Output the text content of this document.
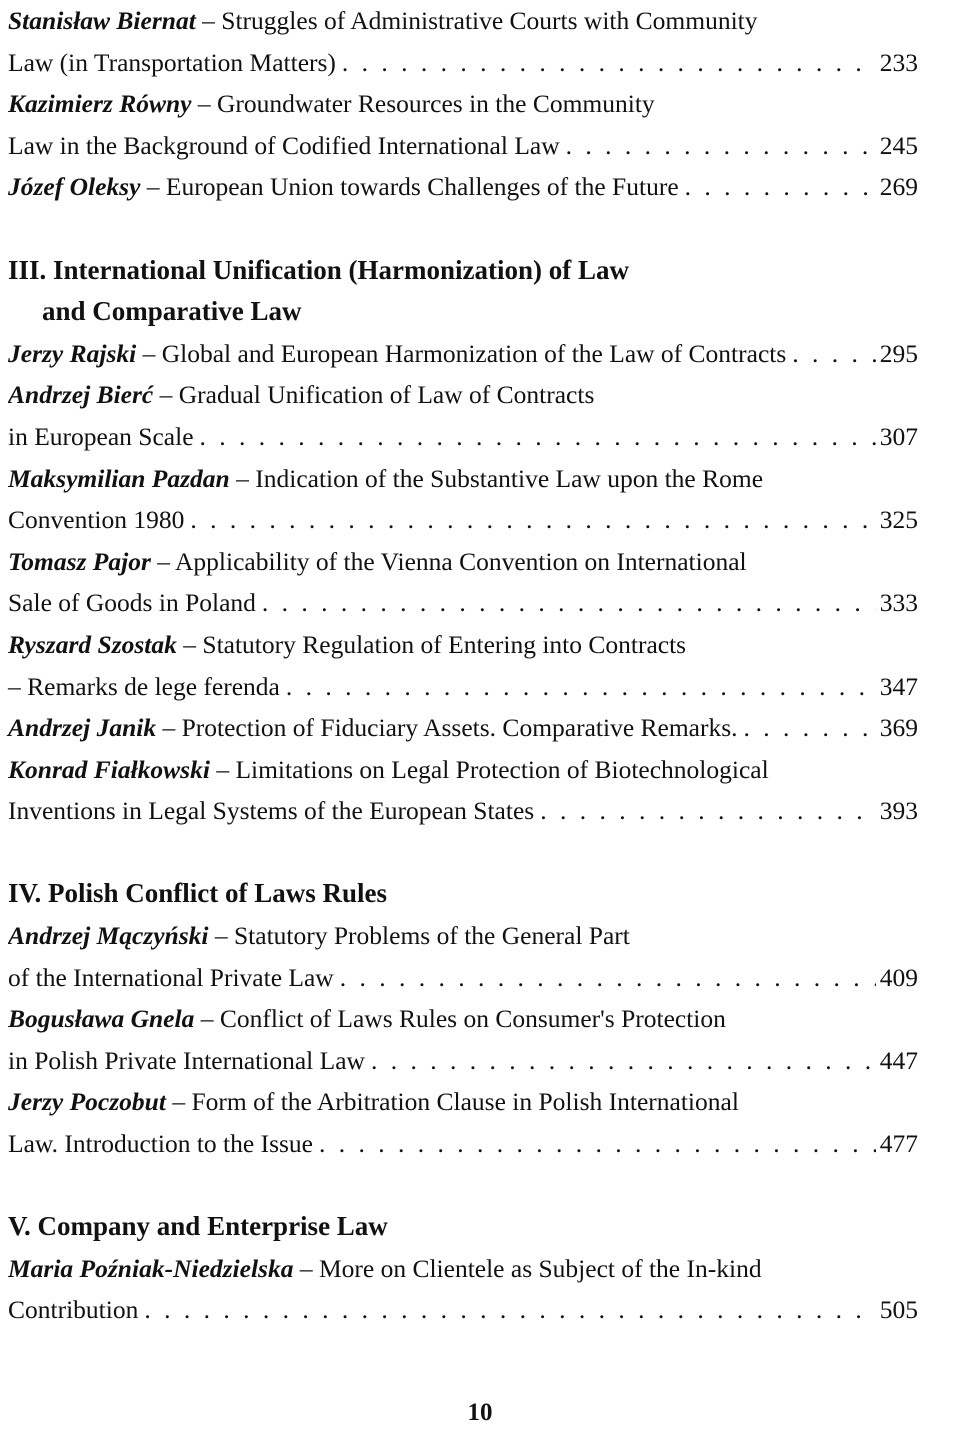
Stanisław Biernat – Struggles of Administrative Courts with Community
Law (in Transportation Matters) . . .	233
Kazimierz Równy – Groundwater Resources in the Community
Law in the Background of Codified International Law . . .	245
Józef Oleksy – European Union towards Challenges of the Future . . .	269
III. International Unification (Harmonization) of Law
and Comparative Law
Jerzy Rajski – Global and European Harmonization of the Law of Contracts . . .	295
Andrzej Bierć – Gradual Unification of Law of Contracts
in European Scale . . .	307
Maksymilian Pazdan – Indication of the Substantive Law upon the Rome
Convention 1980 . . .	325
Tomasz Pajor – Applicability of the Vienna Convention on International
Sale of Goods in Poland . . .	333
Ryszard Szostak – Statutory Regulation of Entering into Contracts
– Remarks de lege ferenda . . .	347
Andrzej Janik – Protection of Fiduciary Assets. Comparative Remarks. . . .	369
Konrad Fiałkowski – Limitations on Legal Protection of Biotechnological
Inventions in Legal Systems of the European States . . .	393
IV. Polish Conflict of Laws Rules
Andrzej Mączyński – Statutory Problems of the General Part
of the International Private Law . . .	409
Bogusława Gnela – Conflict of Laws Rules on Consumer's Protection
in Polish Private International Law . . .	447
Jerzy Poczobut – Form of the Arbitration Clause in Polish International
Law. Introduction to the Issue . . .	477
V. Company and Enterprise Law
Maria Poźniak-Niedzielska – More on Clientele as Subject of the In-kind
Contribution . . .	505
10
